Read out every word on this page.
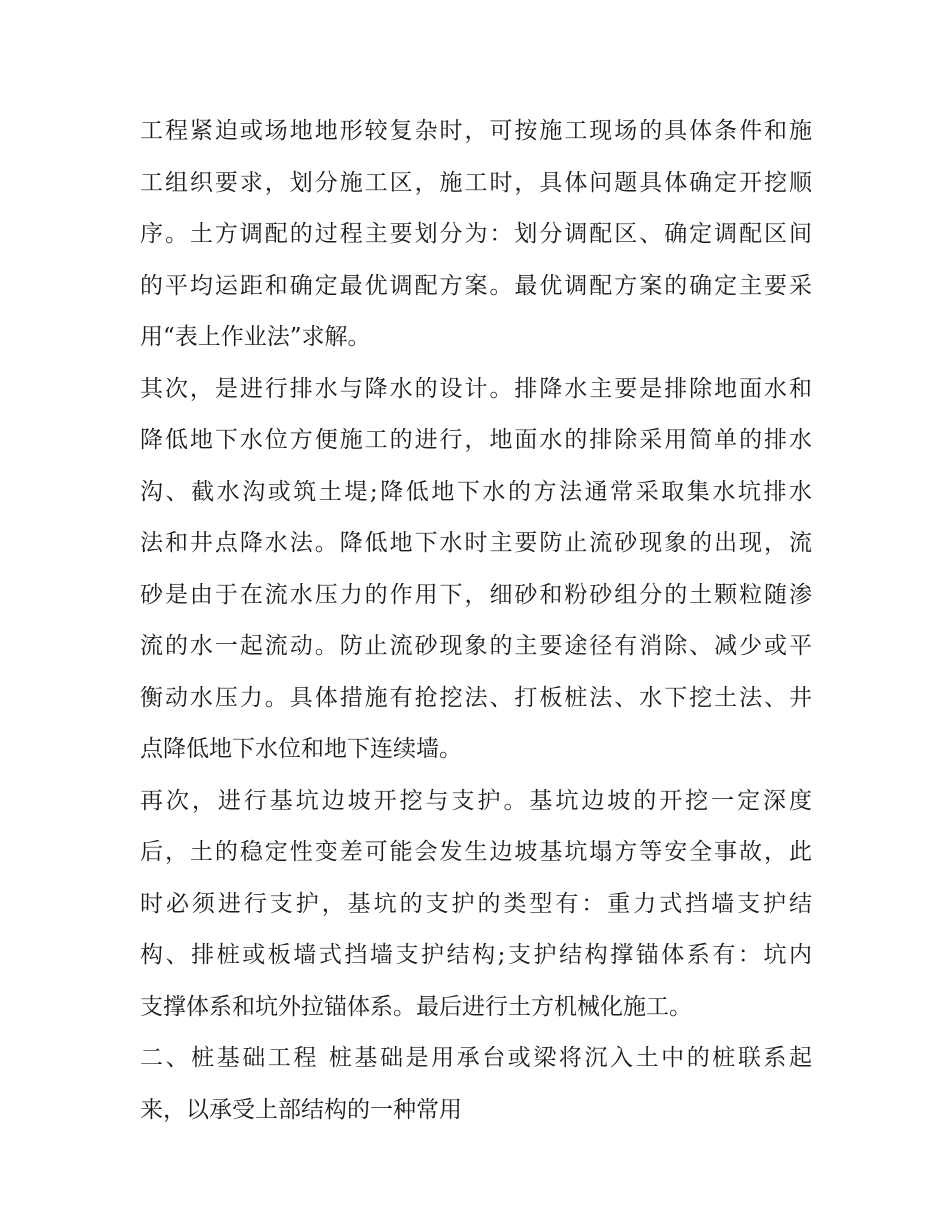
工程紧迫或场地地形较复杂时，可按施工现场的具体条件和施
工组织要求，划分施工区，施工时，具体问题具体确定开挖顺
序。土方调配的过程主要划分为：划分调配区、确定调配区间
的平均运距和确定最优调配方案。最优调配方案的确定主要采
用“表上作业法”求解。
其次，是进行排水与降水的设计。排降水主要是排除地面水和
降低地下水位方便施工的进行，地面水的排除采用简单的排水
沟、截水沟或筑土堤;降低地下水的方法通常采取集水坑排水
法和井点降水法。降低地下水时主要防止流砂现象的出现，流
砂是由于在流水压力的作用下，细砂和粉砂组分的土颗粒随渗
流的水一起流动。防止流砂现象的主要途径有消除、减少或平
衡动水压力。具体措施有抢挖法、打板桩法、水下挖土法、井
点降低地下水位和地下连续墙。
再次，进行基坑边坡开挖与支护。基坑边坡的开挖一定深度
后，土的稳定性变差可能会发生边坡基坑塌方等安全事故，此
时必须进行支护，基坑的支护的类型有：重力式挡墙支护结
构、排桩或板墙式挡墙支护结构;支护结构撑锚体系有：坑内
支撑体系和坑外拉锚体系。最后进行土方机械化施工。
二、桩基础工程 桩基础是用承台或梁将沉入土中的桩联系起
来，以承受上部结构的一种常用
